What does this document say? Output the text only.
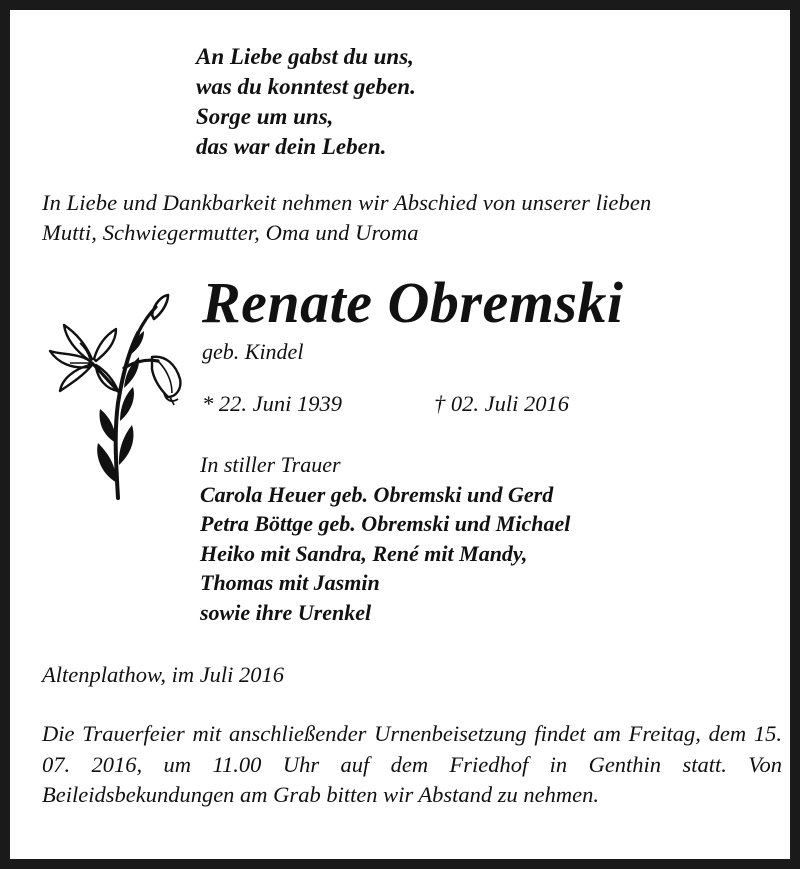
An Liebe gabst du uns,
was du konntest geben.
Sorge um uns,
das war dein Leben.
In Liebe und Dankbarkeit nehmen wir Abschied von unserer lieben
Mutti, Schwiegermutter, Oma und Uroma
Renate Obremski
geb. Kindel
* 22. Juni 1939	† 02. Juli 2016
In stiller Trauer
Carola Heuer geb. Obremski und Gerd
Petra Böttge geb. Obremski und Michael
Heiko mit Sandra, René mit Mandy,
Thomas mit Jasmin
sowie ihre Urenkel
Altenplathow, im Juli 2016
Die Trauerfeier mit anschließender Urnenbeisetzung findet am Freitag, dem 15. 07. 2016, um 11.00 Uhr auf dem Friedhof in Genthin statt. Von Beileidsbekundungen am Grab bitten wir Abstand zu nehmen.
